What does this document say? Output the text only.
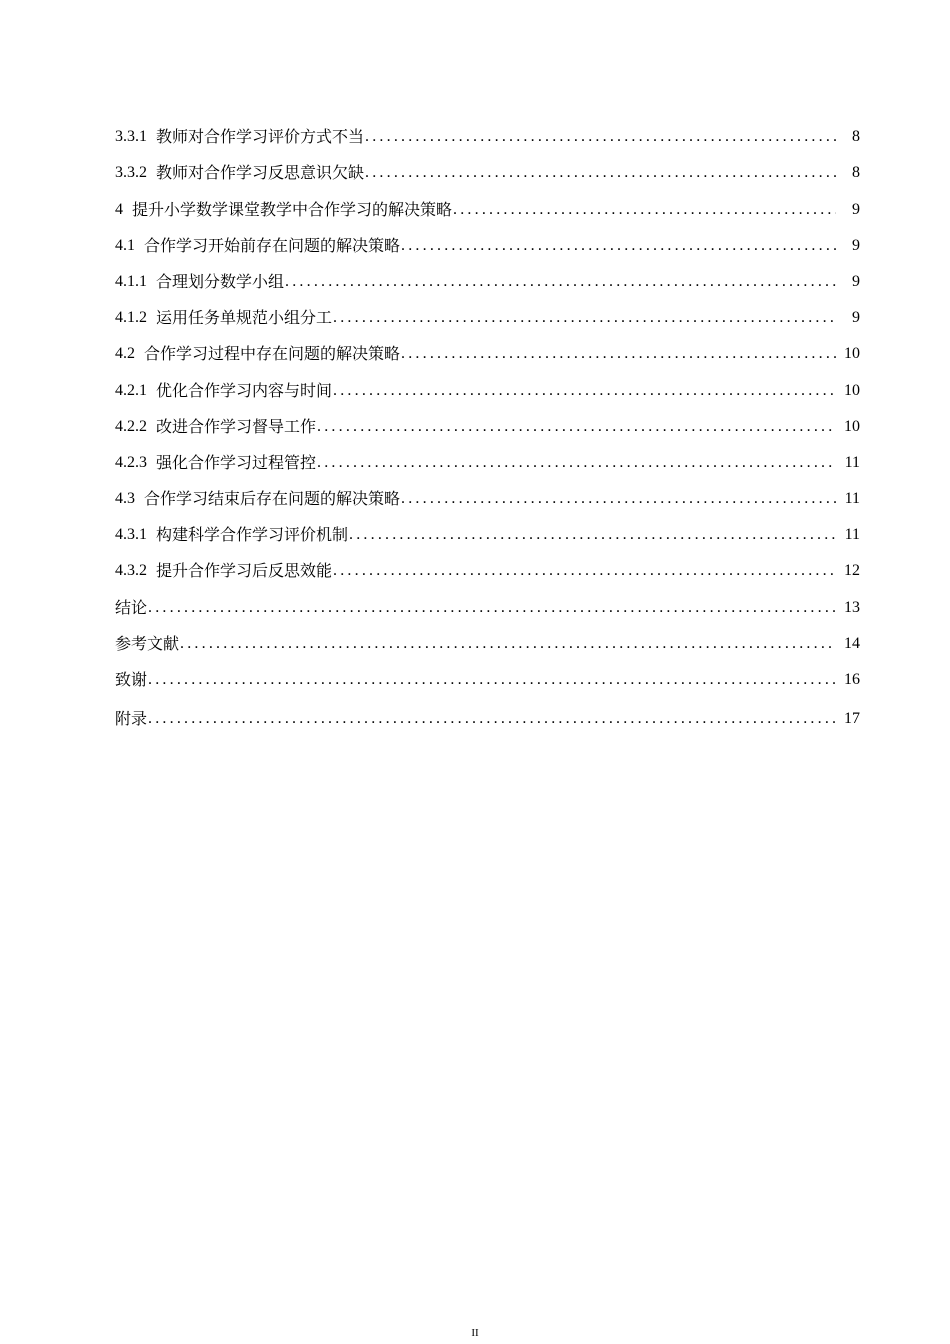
3.3.1 教师对合作学习评价方式不当 .....	8
3.3.2 教师对合作学习反思意识欠缺 .....	8
4 提升小学数学课堂教学中合作学习的解决策略 .....	9
4.1 合作学习开始前存在问题的解决策略 .....	9
4.1.1 合理划分数学小组 .....	9
4.1.2 运用任务单规范小组分工 .....	9
4.2 合作学习过程中存在问题的解决策略 .....	10
4.2.1 优化合作学习内容与时间 .....	10
4.2.2 改进合作学习督导工作 .....	10
4.2.3 强化合作学习过程管控 .....	11
4.3 合作学习结束后存在问题的解决策略 .....	11
4.3.1 构建科学合作学习评价机制 .....	11
4.3.2 提升合作学习后反思效能 .....	12
结论 .....	13
参考文献 .....	14
致谢 .....	16
附录 .....	17
II
